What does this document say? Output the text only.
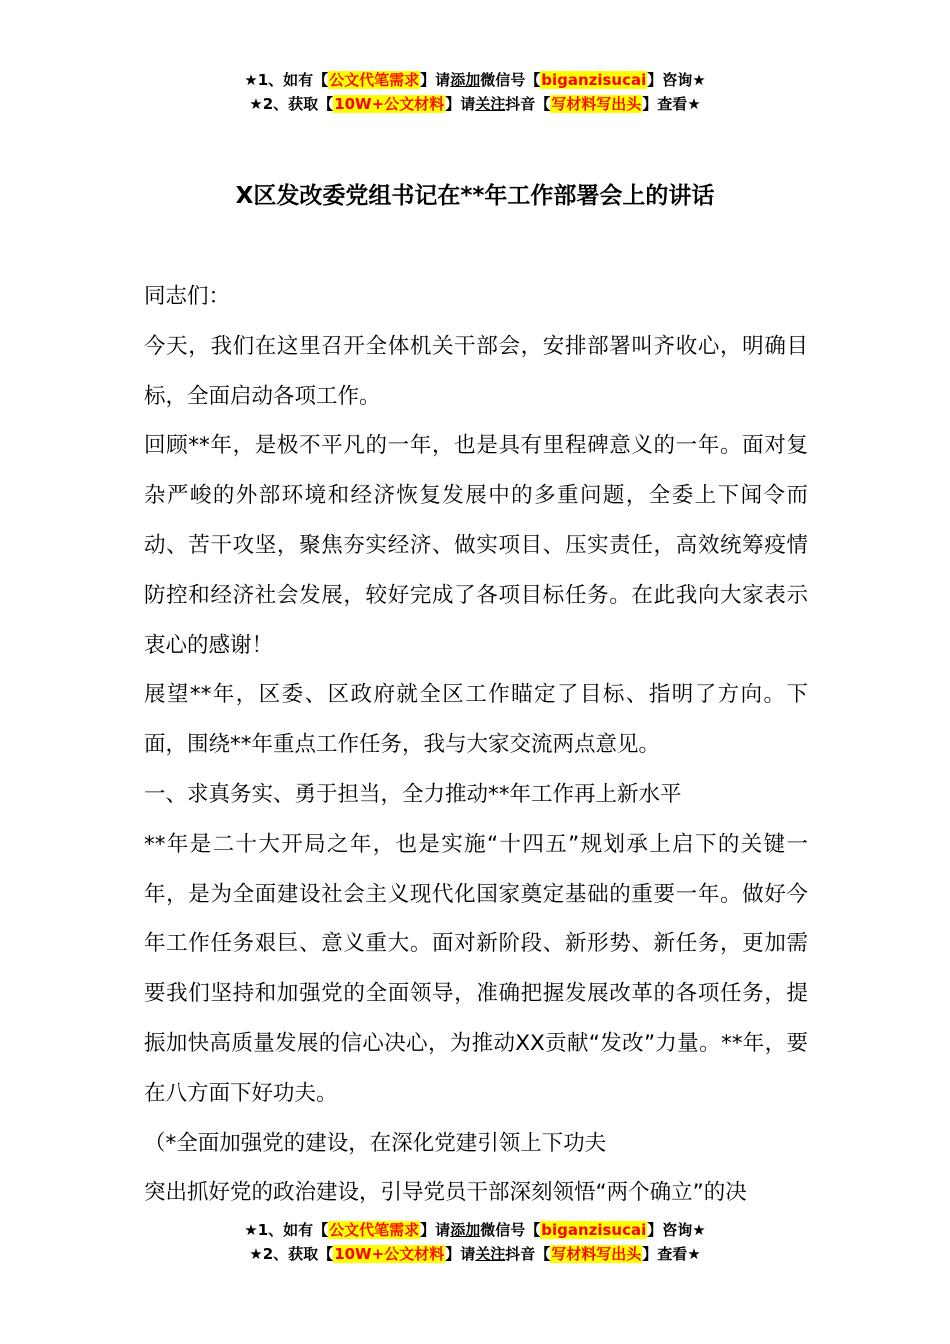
★1、如有【公文代笔需求】请添加微信号【biganzisucai】咨询★
★2、获取【10W+公文材料】请关注抖音【写材料写出头】查看★
X区发改委党组书记在**年工作部署会上的讲话

同志们：

今天，我们在这里召开全体机关干部会，安排部署叫齐收心，明确目标，全面启动各项工作。

回顾**年，是极不平凡的一年，也是具有里程碑意义的一年。面对复杂严峻的外部环境和经济恢复发展中的多重问题，全委上下闻令而动、苦干攻坚，聚焦夯实经济、做实项目、压实责任，高效统筹疫情防控和经济社会发展，较好完成了各项目标任务。在此我向大家表示衷心的感谢！

展望**年，区委、区政府就全区工作瞄定了目标、指明了方向。下面，围绕**年重点工作任务，我与大家交流两点意见。

一、求真务实、勇于担当，全力推动**年工作再上新水平

**年是二十大开局之年，也是实施“十四五”规划承上启下的关键一年，是为全面建设社会主义现代化国家奠定基础的重要一年。做好今年工作任务艰巨、意义重大。面对新阶段、新形势、新任务，更加需要我们坚持和加强党的全面领导，准确把握发展改革的各项任务，提振加快高质量发展的信心决心，为推动XX贡献“发改”力量。**年，要在八方面下好功夫。

（*全面加强党的建设，在深化党建引领上下功夫

突出抓好党的政治建设，引导党员干部深刻领悟“两个确立”的决

★1、如有【公文代笔需求】请添加微信号【biganzisucai】咨询★
★2、获取【10W+公文材料】请关注抖音【写材料写出头】查看★
